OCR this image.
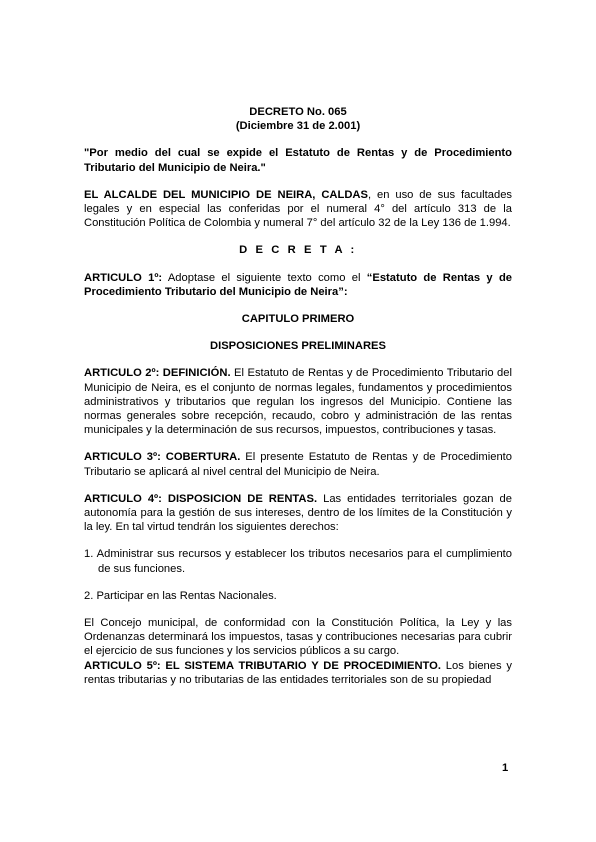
DECRETO No. 065

(Diciembre 31 de 2.001)

"Por medio del cual se expide el Estatuto de Rentas y de Procedimiento Tributario del Municipio de Neira."

EL ALCALDE DEL MUNICIPIO DE NEIRA, CALDAS, en uso de sus facultades legales y en especial las conferidas por el numeral 4° del artículo 313 de la Constitución Política de Colombia y numeral 7° del artículo 32 de la Ley 136 de 1.994.

D E C R E T A :

ARTICULO 1º: Adoptase el siguiente texto como el “Estatuto de Rentas y de Procedimiento Tributario del Municipio de Neira”:

CAPITULO PRIMERO

DISPOSICIONES PRELIMINARES

ARTICULO 2º: DEFINICIÓN. El Estatuto de Rentas y de Procedimiento Tributario del Municipio de Neira, es el conjunto de normas legales, fundamentos y procedimientos administrativos y tributarios que regulan los ingresos del Municipio. Contiene las normas generales sobre recepción, recaudo, cobro y administración de las rentas municipales y la determinación de sus recursos, impuestos, contribuciones y tasas.

ARTICULO 3º: COBERTURA. El presente Estatuto de Rentas y de Procedimiento Tributario se aplicará al nivel central del Municipio de Neira.

ARTICULO 4º: DISPOSICION DE RENTAS. Las entidades territoriales gozan de autonomía para la gestión de sus intereses, dentro de los límites de la Constitución y la ley. En tal virtud tendrán los siguientes derechos:

1. Administrar sus recursos y establecer los tributos necesarios para el cumplimiento de sus funciones.
2. Participar en las Rentas Nacionales.

El Concejo municipal, de conformidad con la Constitución Política, la Ley y las Ordenanzas determinará los impuestos, tasas y contribuciones necesarias para cubrir el ejercicio de sus funciones y los servicios públicos a su cargo.

ARTICULO 5º: EL SISTEMA TRIBUTARIO Y DE PROCEDIMIENTO. Los bienes y rentas tributarias y no tributarias de las entidades territoriales son de su propiedad

1
